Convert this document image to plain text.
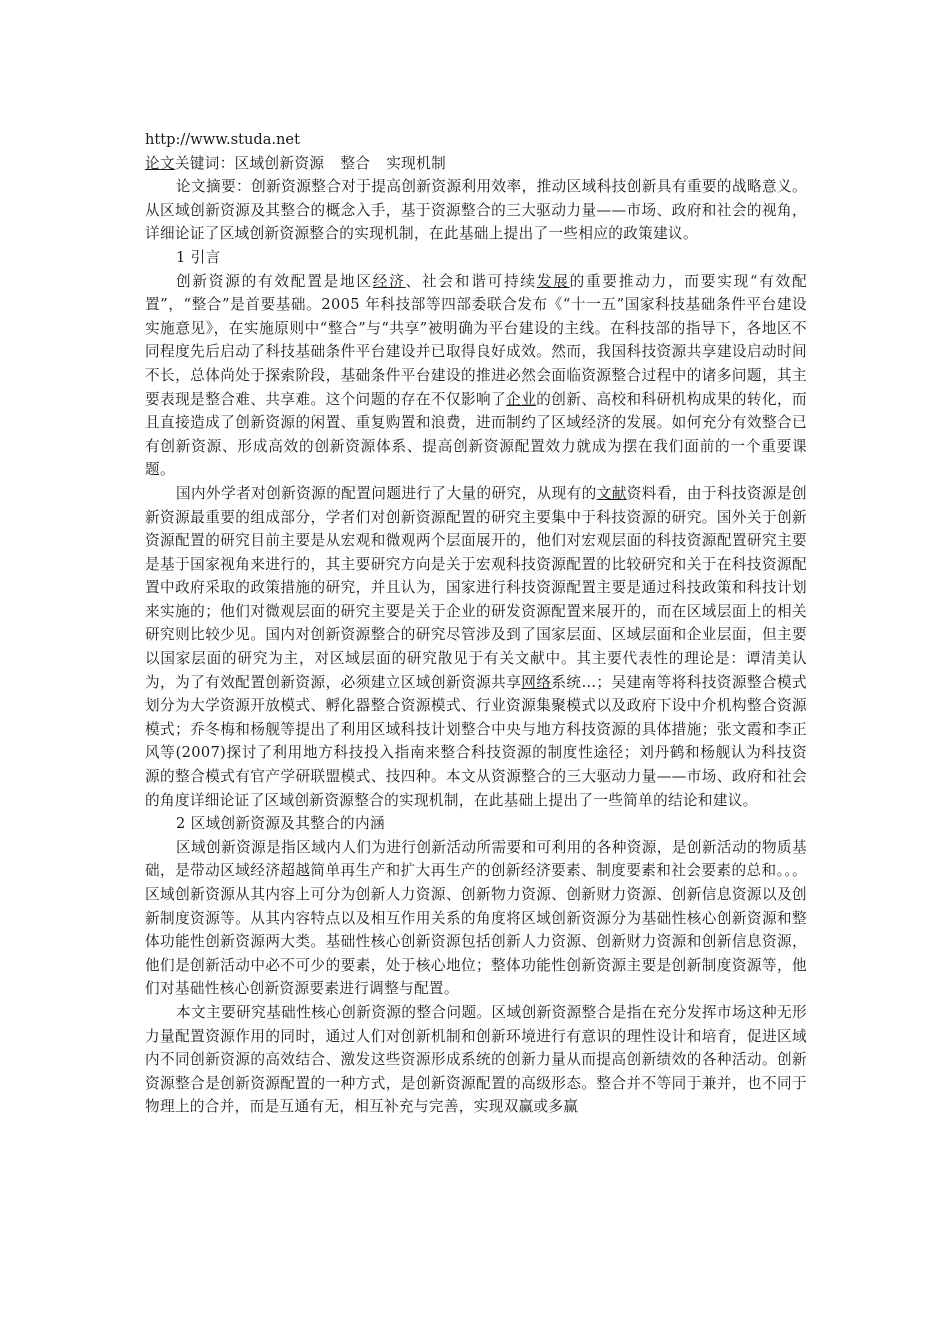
http://www.studa.net
论文关键词：区域创新资源 整合 实现机制

论文摘要：创新资源整合对于提高创新资源利用效率，推动区域科技创新具有重要的战略意义。从区域创新资源及其整合的概念入手，基于资源整合的三大驱动力量——市场、政府和社会的视角，详细论证了区域创新资源整合的实现机制，在此基础上提出了一些相应的政策建议。

1 引言

创新资源的有效配置是地区经济、社会和谐可持续发展的重要推动力，而要实现“有效配置”，“整合”是首要基础。2005 年科技部等四部委联合发布《“十一五”国家科技基础条件平台建设实施意见》，在实施原则中“整合”与“共享”被明确为平台建设的主线。在科技部的指导下，各地区不同程度先后启动了科技基础条件平台建设并已取得良好成效。然而，我国科技资源共享建设启动时间不长，总体尚处于探索阶段，基础条件平台建设的推进必然会面临资源整合过程中的诸多问题，其主要表现是整合难、共享难。这个问题的存在不仅影响了企业的创新、高校和科研机构成果的转化，而且直接造成了创新资源的闲置、重复购置和浪费，进而制约了区域经济的发展。如何充分有效整合已有创新资源、形成高效的创新资源体系、提高创新资源配置效力就成为摆在我们面前的一个重要课题。

国内外学者对创新资源的配置问题进行了大量的研究，从现有的文献资料看，由于科技资源是创新资源最重要的组成部分，学者们对创新资源配置的研究主要集中于科技资源的研究。国外关于创新资源配置的研究目前主要是从宏观和微观两个层面展开的，他们对宏观层面的科技资源配置研究主要是基于国家视角来进行的，其主要研究方向是关于宏观科技资源配置的比较研究和关于在科技资源配置中政府采取的政策措施的研究，并且认为，国家进行科技资源配置主要是通过科技政策和科技计划来实施的；他们对微观层面的研究主要是关于企业的研发资源配置来展开的，而在区域层面上的相关研究则比较少见。国内对创新资源整合的研究尽管涉及到了国家层面、区域层面和企业层面，但主要以国家层面的研究为主，对区域层面的研究散见于有关文献中。其主要代表性的理论是：谭清美认为，为了有效配置创新资源，必须建立区域创新资源共享网络系统…；吴建南等将科技资源整合模式划分为大学资源开放模式、孵化器整合资源模式、行业资源集聚模式以及政府下设中介机构整合资源模式；乔冬梅和杨舰等提出了利用区域科技计划整合中央与地方科技资源的具体措施；张文霞和李正风等(2007)探讨了利用地方科技投入指南来整合科技资源的制度性途径；刘丹鹤和杨舰认为科技资源的整合模式有官产学研联盟模式、技四种。本文从资源整合的三大驱动力量——市场、政府和社会的角度详细论证了区域创新资源整合的实现机制，在此基础上提出了一些简单的结论和建议。

2 区域创新资源及其整合的内涵

区域创新资源是指区域内人们为进行创新活动所需要和可利用的各种资源，是创新活动的物质基础，是带动区域经济超越简单再生产和扩大再生产的创新经济要素、制度要素和社会要素的总和。。。区域创新资源从其内容上可分为创新人力资源、创新物力资源、创新财力资源、创新信息资源以及创新制度资源等。从其内容特点以及相互作用关系的角度将区域创新资源分为基础性核心创新资源和整体功能性创新资源两大类。基础性核心创新资源包括创新人力资源、创新财力资源和创新信息资源，他们是创新活动中必不可少的要素，处于核心地位；整体功能性创新资源主要是创新制度资源等，他们对基础性核心创新资源要素进行调整与配置。

本文主要研究基础性核心创新资源的整合问题。区域创新资源整合是指在充分发挥市场这种无形力量配置资源作用的同时，通过人们对创新机制和创新环境进行有意识的理性设计和培育，促进区域内不同创新资源的高效结合、激发这些资源形成系统的创新力量从而提高创新绩效的各种活动。创新资源整合是创新资源配置的一种方式，是创新资源配置的高级形态。整合并不等同于兼并，也不同于物理上的合并，而是互通有无，相互补充与完善，实现双赢或多赢
